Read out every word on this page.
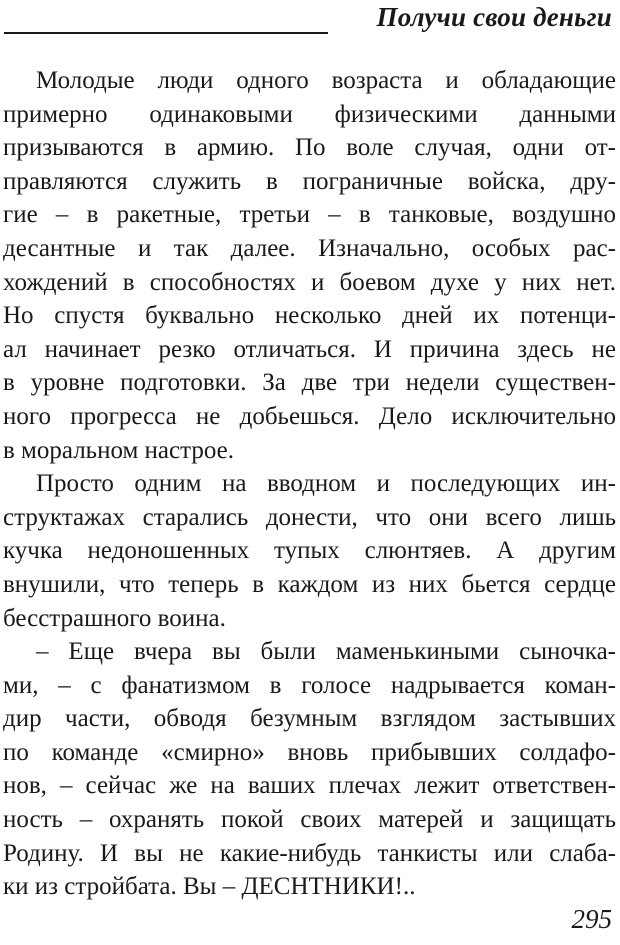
Получи свои деньги
Молодые люди одного возраста и обладающие
примерно одинаковыми физическими данными
призываются в армию. По воле случая, одни от-
правляются служить в пограничные войска, дру-
гие – в ракетные, третьи – в танковые, воздушно
десантные и так далее. Изначально, особых рас-
хождений в способностях и боевом духе у них нет.
Но спустя буквально несколько дней их потенци-
ал начинает резко отличаться. И причина здесь не
в уровне подготовки. За две три недели существен-
ного прогресса не добьешься. Дело исключительно
в моральном настрое.
Просто одним на вводном и последующих ин-
структажах старались донести, что они всего лишь
кучка недоношенных тупых слюнтяев. А другим
внушили, что теперь в каждом из них бьется сердце
бесстрашного воина.
– Еще вчера вы были маменькиными сыночка-
ми, – с фанатизмом в голосе надрывается коман-
дир части, обводя безумным взглядом застывших
по команде «смирно» вновь прибывших солдафо-
нов, – сейчас же на ваших плечах лежит ответствен-
ность – охранять покой своих матерей и защищать
Родину. И вы не какие-нибудь танкисты или слаба-
ки из стройбата. Вы – ДЕСНТНИКИ!..
295
